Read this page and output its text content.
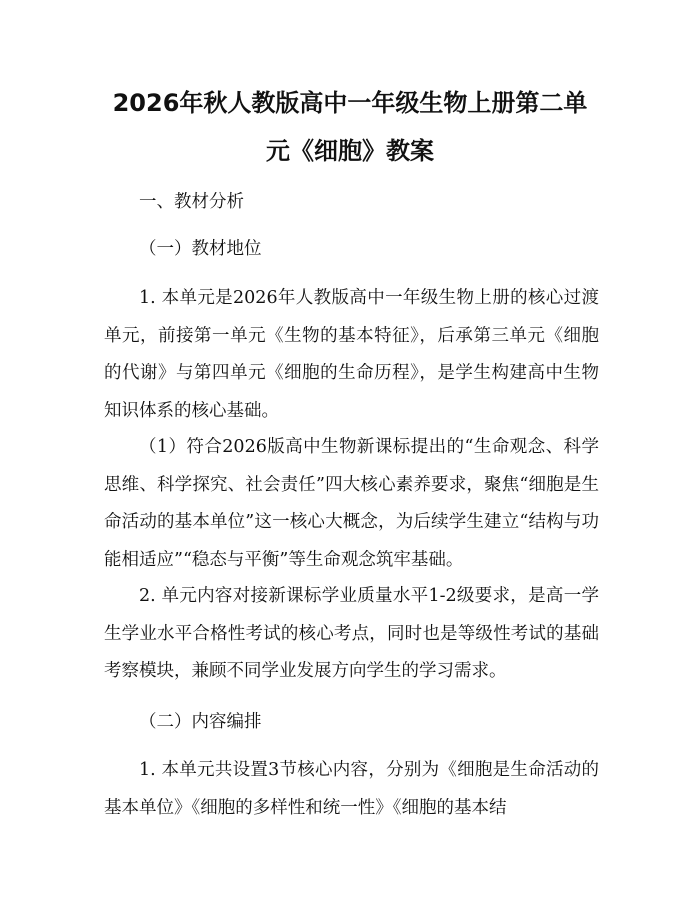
2026年秋人教版高中一年级生物上册第二单
元《细胞》教案

一、教材分析

（一）教材地位

1. 本单元是2026年人教版高中一年级生物上册的核心过渡单元，前接第一单元《生物的基本特征》，后承第三单元《细胞的代谢》与第四单元《细胞的生命历程》，是学生构建高中生物知识体系的核心基础。

（1）符合2026版高中生物新课标提出的“生命观念、科学思维、科学探究、社会责任”四大核心素养要求，聚焦“细胞是生命活动的基本单位”这一核心大概念，为后续学生建立“结构与功能相适应”“稳态与平衡”等生命观念筑牢基础。

2. 单元内容对接新课标学业质量水平1-2级要求，是高一学生学业水平合格性考试的核心考点，同时也是等级性考试的基础考察模块，兼顾不同学业发展方向学生的学习需求。

（二）内容编排

1. 本单元共设置3节核心内容，分别为《细胞是生命活动的基本单位》《细胞的多样性和统一性》《细胞的基本结
